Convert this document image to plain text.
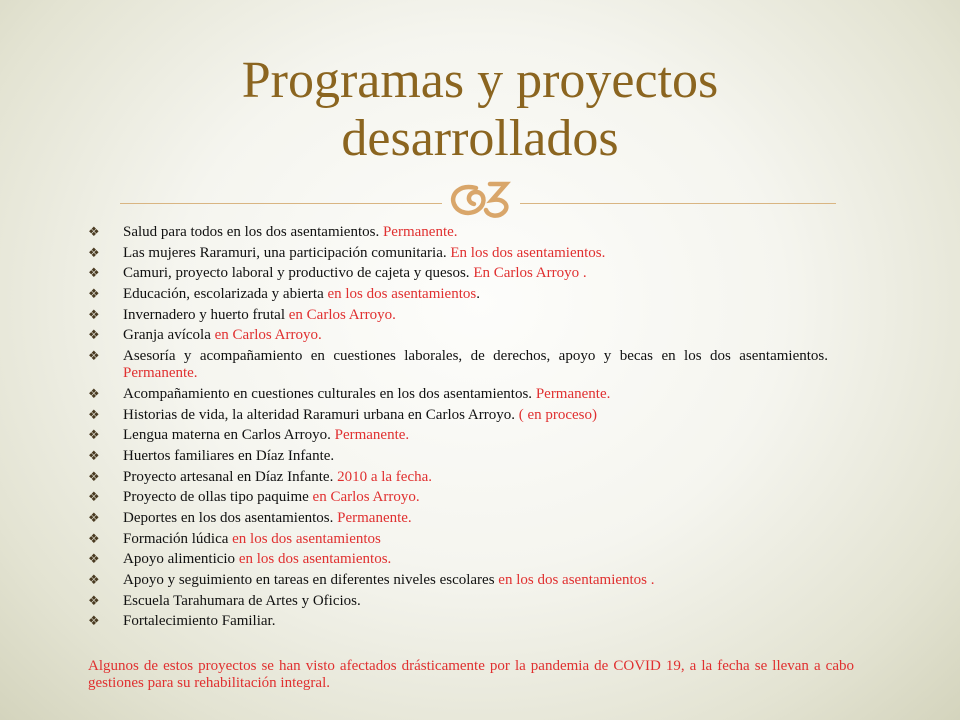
Programas y proyectos
desarrollados
❖ Salud para todos en los dos asentamientos. Permanente.
❖ Las mujeres Raramuri, una participación comunitaria. En los dos asentamientos.
❖ Camuri, proyecto laboral y productivo de cajeta y quesos. En Carlos Arroyo .
❖ Educación, escolarizada y abierta en los dos asentamientos.
❖ Invernadero y huerto frutal en Carlos Arroyo.
❖ Granja avícola en Carlos Arroyo.
❖ Asesoría y acompañamiento en cuestiones laborales, de derechos, apoyo y becas en los dos asentamientos. Permanente.
❖ Acompañamiento en cuestiones culturales en los dos asentamientos. Permanente.
❖ Historias de vida, la alteridad Raramuri urbana en Carlos Arroyo. ( en proceso)
❖ Lengua materna en Carlos Arroyo. Permanente.
❖ Huertos familiares en Díaz Infante.
❖ Proyecto artesanal en Díaz Infante. 2010 a la fecha.
❖ Proyecto de ollas tipo paquime en Carlos Arroyo.
❖ Deportes en los dos asentamientos. Permanente.
❖ Formación lúdica en los dos asentamientos
❖ Apoyo alimenticio en los dos asentamientos.
❖ Apoyo y seguimiento en tareas en diferentes niveles escolares en los dos asentamientos .
❖ Escuela Tarahumara de Artes y Oficios.
❖ Fortalecimiento Familiar.
Algunos de estos proyectos se han visto afectados drásticamente por la pandemia de COVID 19, a la fecha se llevan a cabo gestiones para su rehabilitación integral.
